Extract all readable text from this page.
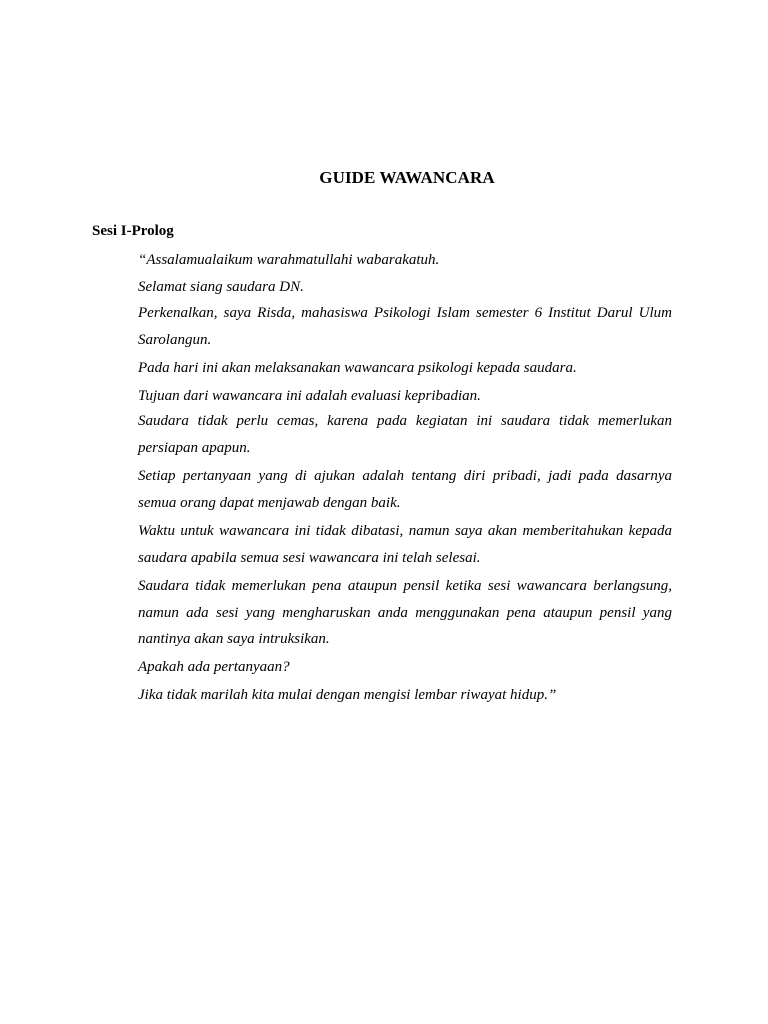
GUIDE WAWANCARA
Sesi I-Prolog

“Assalamualaikum warahmatullahi wabarakatuh.

Selamat siang saudara DN.

Perkenalkan, saya Risda, mahasiswa Psikologi Islam semester 6 Institut Darul Ulum Sarolangun.

Pada hari ini akan melaksanakan wawancara psikologi kepada saudara.

Tujuan dari wawancara ini adalah evaluasi kepribadian.

Saudara tidak perlu cemas, karena pada kegiatan ini saudara tidak memerlukan persiapan apapun.

Setiap pertanyaan yang di ajukan adalah tentang diri pribadi, jadi pada dasarnya semua orang dapat menjawab dengan baik.

Waktu untuk wawancara ini tidak dibatasi, namun saya akan memberitahukan kepada saudara apabila semua sesi wawancara ini telah selesai.

Saudara tidak memerlukan pena ataupun pensil ketika sesi wawancara berlangsung, namun ada sesi yang mengharuskan anda menggunakan pena ataupun pensil yang nantinya akan saya intruksikan.

Apakah ada pertanyaan?

Jika tidak marilah kita mulai dengan mengisi lembar riwayat hidup.”
